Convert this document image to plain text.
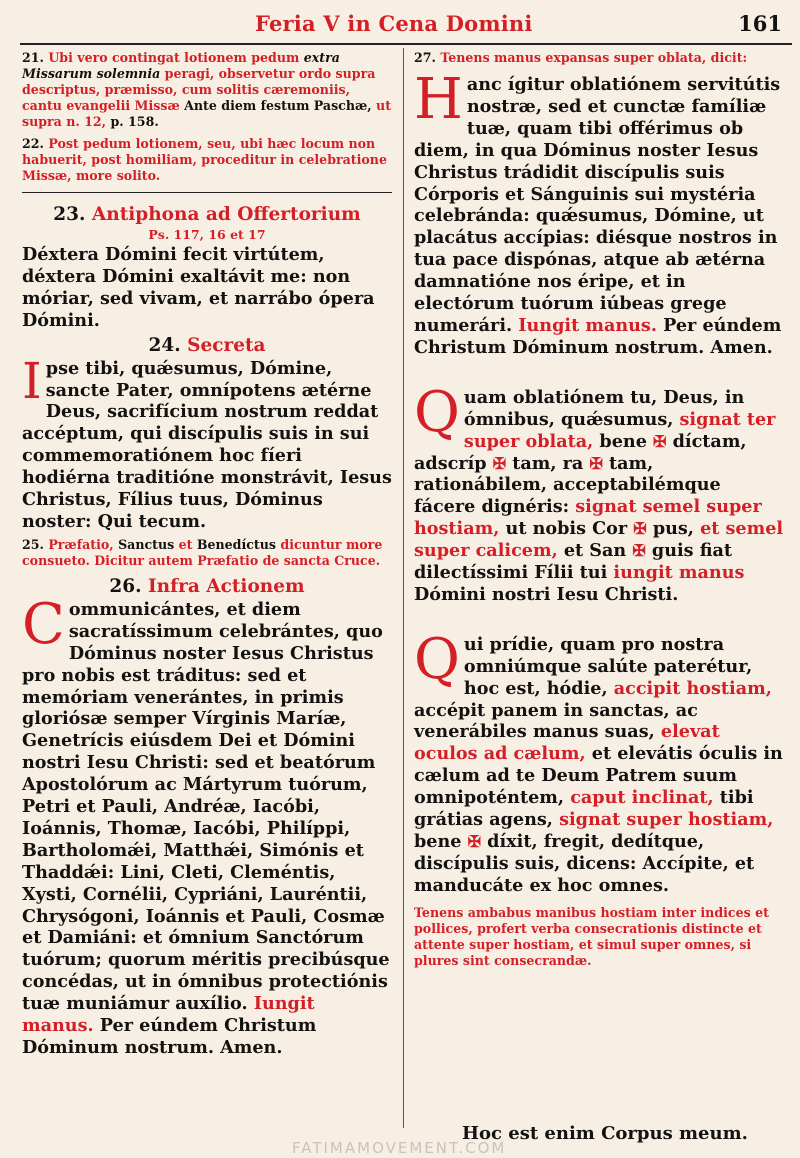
Feria V in Cena Domini	161

21. Ubi vero contingat lotionem pedum extra Missarum solemnia peragi, observetur ordo supra descriptus, præmisso, cum solitis cæremoniis, cantu evangelii Missæ Ante diem festum Paschæ, ut supra n. 12, p. 158.

22. Post pedum lotionem, seu, ubi hæc locum non habuerit, post homiliam, proceditur in celebratione Missæ, more solito.

23. Antiphona ad Offertorium

Ps. 117, 16 et 17

Déxtera Dómini fecit virtútem, déxtera Dómini exaltávit me: non móriar, sed vivam, et narrábo ópera Dómini.

24. Secreta

Ipse tibi, quǽsumus, Dómine, sancte Pater, omnípotens ætérne Deus, sacrifícium nostrum reddat accéptum, qui discípulis suis in sui commemoratiónem hoc fíeri hodiérna traditióne monstrávit, Iesus Christus, Fílius tuus, Dóminus noster: Qui tecum.

25. Præfatio, Sanctus et Benedíctus dicuntur more consueto. Dicitur autem Præfatio de sancta Cruce.

26. Infra Actionem

Communicántes, et diem sacratíssimum celebrántes, quo Dóminus noster Iesus Christus pro nobis est tráditus: sed et memóriam venerántes, in primis gloriósæ semper Vírginis Maríæ, Genetrícis eiúsdem Dei et Dómini nostri Iesu Christi: sed et beatórum Apostolórum ac Mártyrum tuórum, Petri et Pauli, Andréæ, Iacóbi, Ioánnis, Thomæ, Iacóbi, Philíppi, Bartholomǽi, Matthǽi, Simónis et Thaddǽi: Lini, Cleti, Cleméntis, Xysti, Cornélii, Cypriáni, Lauréntii, Chrysógoni, Ioánnis et Pauli, Cosmæ et Damiáni: et ómnium Sanctórum tuórum; quorum méritis precibúsque concédas, ut in ómnibus protectiónis tuæ muniámur auxílio. Iungit manus. Per eúndem Christum Dóminum nostrum. Amen.

27. Tenens manus expansas super oblata, dicit:

Hanc ígitur oblatiónem servitútis nostræ, sed et cunctæ famíliæ tuæ, quam tibi offérimus ob diem, in qua Dóminus noster Iesus Christus trádidit discípulis suis Córporis et Sánguinis sui mystéria celebránda: quǽsumus, Dómine, ut placátus accípias: diésque nostros in tua pace dispónas, atque ab ætérna damnatióne nos éripe, et in electórum tuórum iúbeas grege numerári. Iungit manus. Per eúndem Christum Dóminum nostrum. Amen.

Quam oblatiónem tu, Deus, in ómnibus, quǽsumus, signat ter super oblata, bene ✠ díctam, adscríp ✠ tam, ra ✠ tam, rationábilem, acceptabilémque fácere dignéris: signat semel super hostiam, ut nobis Cor ✠ pus, et semel super calicem, et San ✠ guis fiat dilectíssimi Fílii tui iungit manus Dómini nostri Iesu Christi.

Qui prídie, quam pro nostra omniúmque salúte paterétur, hoc est, hódie, accipit hostiam, accépit panem in sanctas, ac venerábiles manus suas, elevat oculos ad cælum, et elevátis óculis in cælum ad te Deum Patrem suum omnipoténtem, caput inclinat, tibi grátias agens, signat super hostiam, bene ✠ díxit, fregit, dedítque, discípulis suis, dicens: Accípite, et manducáte ex hoc omnes.

Tenens ambabus manibus hostiam inter indices et pollices, profert verba consecrationis distincte et attente super hostiam, et simul super omnes, si plures sint consecrandæ.

Hoc est enim Corpus meum.
FATIMAMOVEMENT.COM
